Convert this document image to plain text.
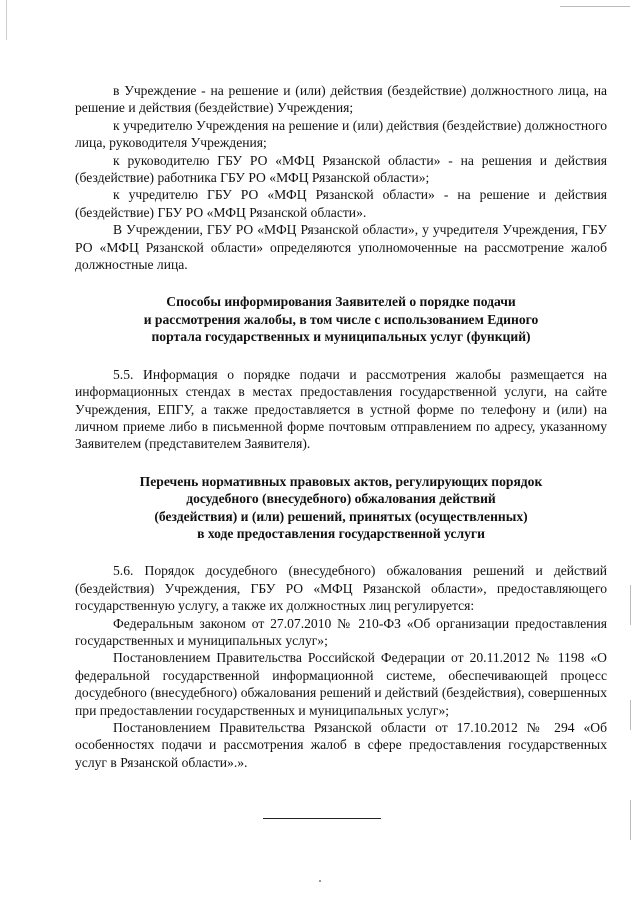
в Учреждение - на решение и (или) действия (бездействие) должностного лица, на решение и действия (бездействие) Учреждения;

к учредителю Учреждения на решение и (или) действия (бездействие) должностного лица, руководителя Учреждения;

к руководителю ГБУ РО «МФЦ Рязанской области» - на решения и действия (бездействие) работника ГБУ РО «МФЦ Рязанской области»;

к учредителю ГБУ РО «МФЦ Рязанской области» - на решение и действия (бездействие) ГБУ РО «МФЦ Рязанской области».

В Учреждении, ГБУ РО «МФЦ Рязанской области», у учредителя Учреждения, ГБУ РО «МФЦ Рязанской области» определяются уполномоченные на рассмотрение жалоб должностные лица.

Способы информирования Заявителей о порядке подачи

и рассмотрения жалобы, в том числе с использованием Единого

портала государственных и муниципальных услуг (функций)

5.5. Информация о порядке подачи и рассмотрения жалобы размещается на информационных стендах в местах предоставления государственной услуги, на сайте Учреждения, ЕПГУ, а также предоставляется в устной форме по телефону и (или) на личном приеме либо в письменной форме почтовым отправлением по адресу, указанному Заявителем (представителем Заявителя).

Перечень нормативных правовых актов, регулирующих порядок

досудебного (внесудебного) обжалования действий

(бездействия) и (или) решений, принятых (осуществленных)

в ходе предоставления государственной услуги

5.6. Порядок досудебного (внесудебного) обжалования решений и действий (бездействия) Учреждения, ГБУ РО «МФЦ Рязанской области», предоставляющего государственную услугу, а также их должностных лиц регулируется:

Федеральным законом от 27.07.2010 № 210-ФЗ «Об организации предоставления государственных и муниципальных услуг»;

Постановлением Правительства Российской Федерации от 20.11.2012 № 1198 «О федеральной государственной информационной системе, обеспечивающей процесс досудебного (внесудебного) обжалования решений и действий (бездействия), совершенных при предоставлении государственных и муниципальных услуг»;

Постановлением Правительства Рязанской области от 17.10.2012 № 294 «Об особенностях подачи и рассмотрения жалоб в сфере предоставления государственных услуг в Рязанской области».».
